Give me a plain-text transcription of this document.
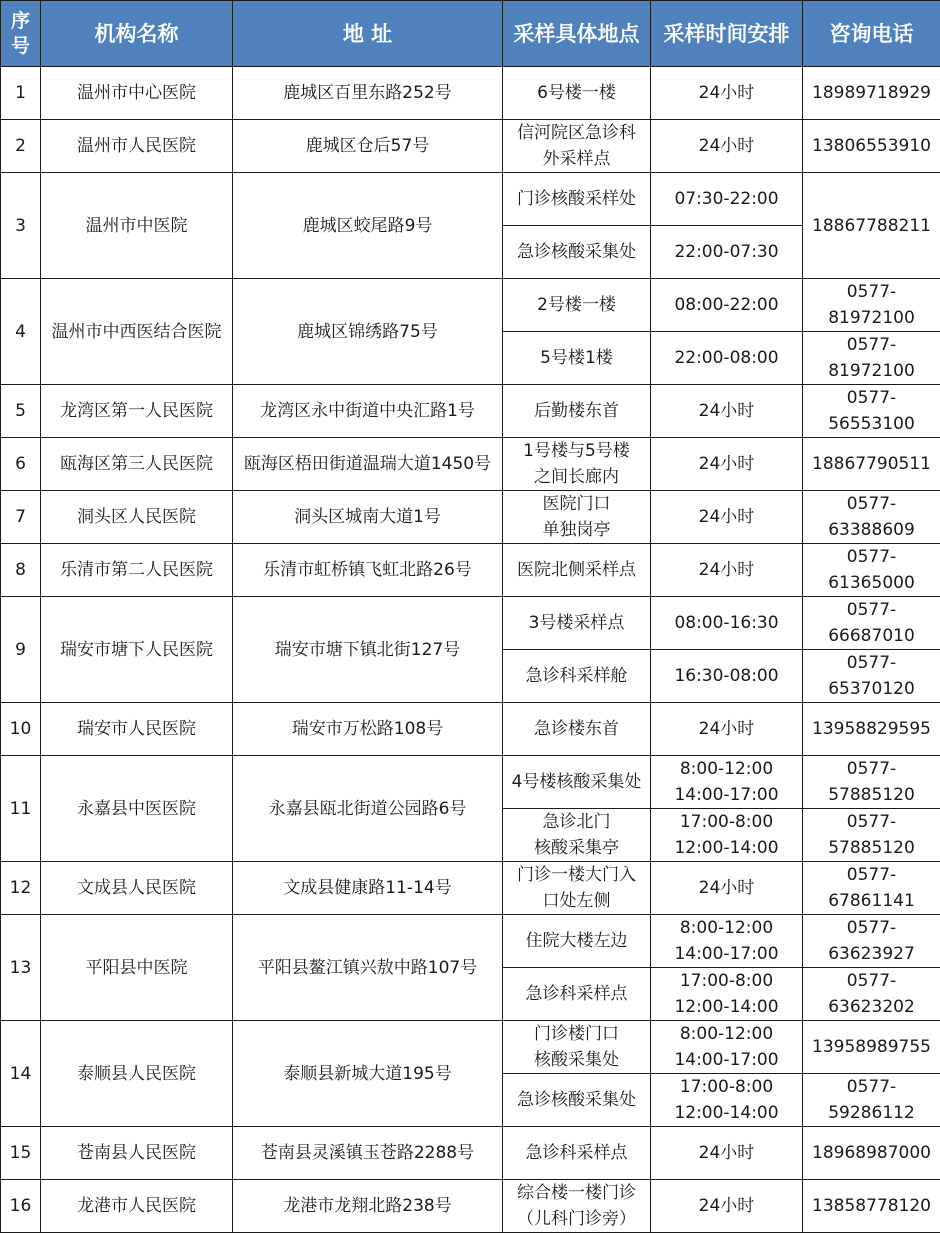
序
号	机构名称	地 址	采样具体地点	采样时间安排	咨询电话
1	温州市中心医院	鹿城区百里东路252号	6号楼一楼	24小时	18989718929

2	温州市人民医院	鹿城区仓后57号	信河院区急诊科
外采样点	24小时	13806553910

3	温州市中医院	鹿城区蛟尾路9号	门诊核酸采样处	07:30-22:00	18867788211

			急诊核酸采集处	22:00-07:30	

4	温州市中西医结合医院	鹿城区锦绣路75号	2号楼一楼	08:00-22:00	0577-
81972100

			5号楼1楼	22:00-08:00	0577-
81972100

5	龙湾区第一人民医院	龙湾区永中街道中央汇路1号	后勤楼东首	24小时	0577-
56553100

6	瓯海区第三人民医院	瓯海区梧田街道温瑞大道1450号	1号楼与5号楼
之间长廊内	24小时	18867790511

7	洞头区人民医院	洞头区城南大道1号	医院门口
单独岗亭	24小时	0577-
63388609

8	乐清市第二人民医院	乐清市虹桥镇飞虹北路26号	医院北侧采样点	24小时	0577-
61365000

9	瑞安市塘下人民医院	瑞安市塘下镇北街127号	3号楼采样点	08:00-16:30	0577-
66687010

			急诊科采样舱	16:30-08:00	0577-
65370120

10	瑞安市人民医院	瑞安市万松路108号	急诊楼东首	24小时	13958829595

11	永嘉县中医医院	永嘉县瓯北街道公园路6号	4号楼核酸采集处	8:00-12:00
14:00-17:00	0577-
57885120

			急诊北门
核酸采集亭	17:00-8:00
12:00-14:00	0577-
57885120

12	文成县人民医院	文成县健康路11-14号	门诊一楼大门入
口处左侧	24小时	0577-
67861141

13	平阳县中医院	平阳县鳌江镇兴敖中路107号	住院大楼左边	8:00-12:00
14:00-17:00	0577-
63623927

			急诊科采样点	17:00-8:00
12:00-14:00	0577-
63623202

14	泰顺县人民医院	泰顺县新城大道195号	门诊楼门口
核酸采集处	8:00-12:00
14:00-17:00	13958989755

			急诊核酸采集处	17:00-8:00
12:00-14:00	0577-
59286112

15	苍南县人民医院	苍南县灵溪镇玉苍路2288号	急诊科采样点	24小时	18968987000

16	龙港市人民医院	龙港市龙翔北路238号	综合楼一楼门诊
（儿科门诊旁）	24小时	13858778120
